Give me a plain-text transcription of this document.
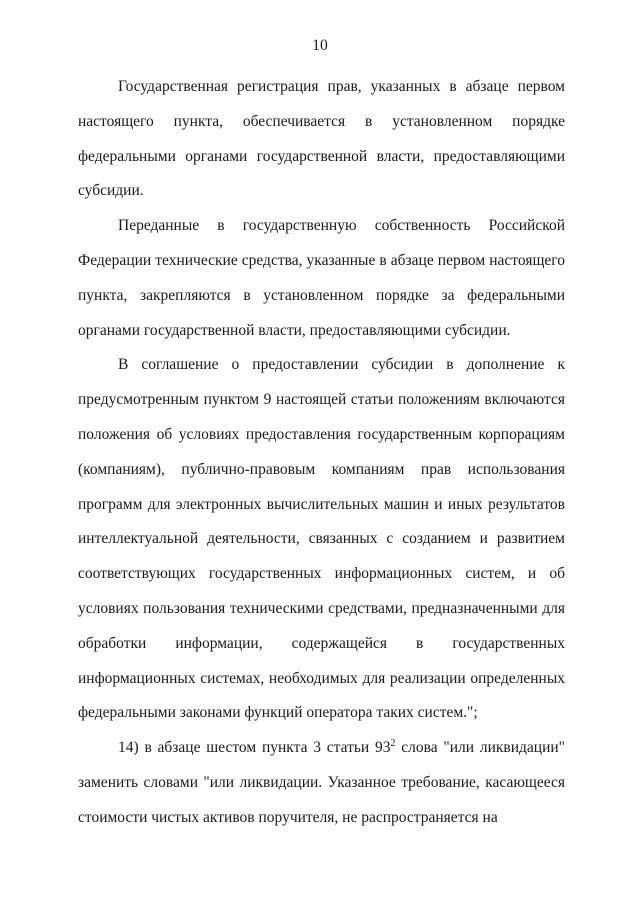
10

Государственная регистрация прав, указанных в абзаце первом настоящего пункта, обеспечивается в установленном порядке федеральными органами государственной власти, предоставляющими субсидии.

Переданные в государственную собственность Российской Федерации технические средства, указанные в абзаце первом настоящего пункта, закрепляются в установленном порядке за федеральными органами государственной власти, предоставляющими субсидии.

В соглашение о предоставлении субсидии в дополнение к предусмотренным пунктом 9 настоящей статьи положениям включаются положения об условиях предоставления государственным корпорациям (компаниям), публично-правовым компаниям прав использования программ для электронных вычислительных машин и иных результатов интеллектуальной деятельности, связанных с созданием и развитием соответствующих государственных информационных систем, и об условиях пользования техническими средствами, предназначенными для обработки информации, содержащейся в государственных информационных системах, необходимых для реализации определенных федеральными законами функций оператора таких систем.";

14) в абзаце шестом пункта 3 статьи $93^2$ слова "или ликвидации" заменить словами "или ликвидации. Указанное требование, касающееся стоимости чистых активов поручителя, не распространяется на
